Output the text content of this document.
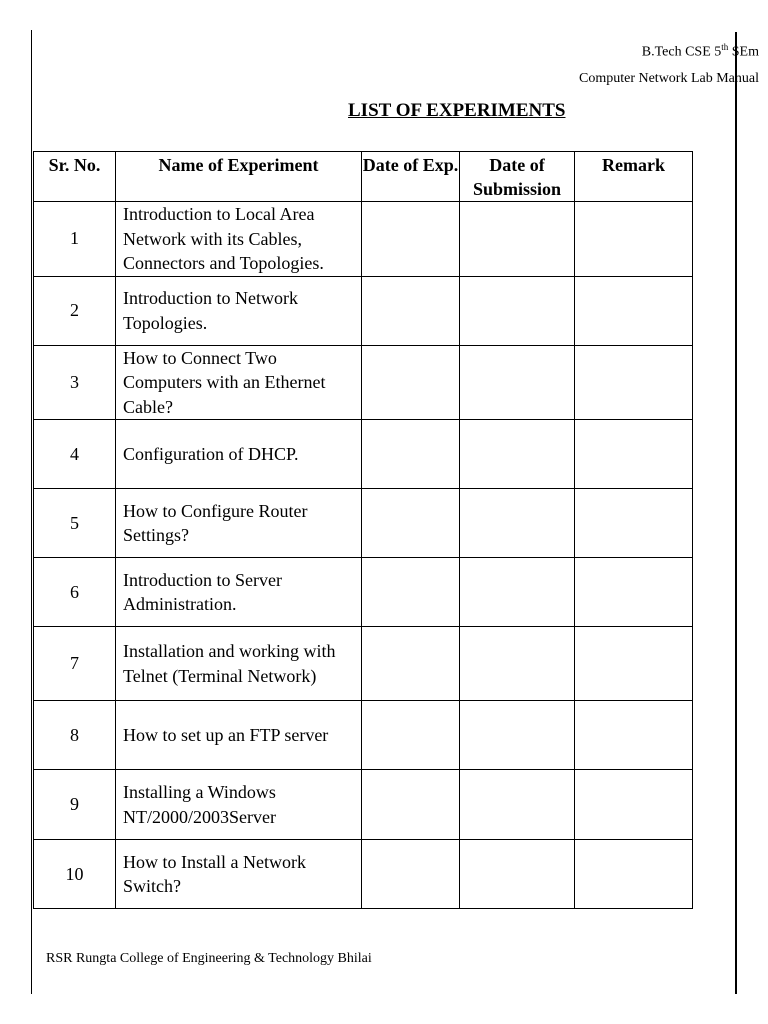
B.Tech CSE 5th SEm
Computer Network Lab Manual
LIST OF EXPERIMENTS
Sr. No.	Name of Experiment	Date of Exp.	Date of Submission	Remark
1	Introduction to Local Area Network with its Cables, Connectors and Topologies.			
2	Introduction to Network Topologies.			
3	How to Connect Two Computers with an Ethernet Cable?			
4	Configuration of DHCP.			
5	How to Configure Router Settings?			
6	Introduction to Server Administration.			
7	Installation and working with Telnet (Terminal Network)			
8	How to set up an FTP server			
9	Installing a Windows NT/2000/2003Server			
10	How to Install a Network Switch?			
RSR Rungta College of Engineering & Technology Bhilai
